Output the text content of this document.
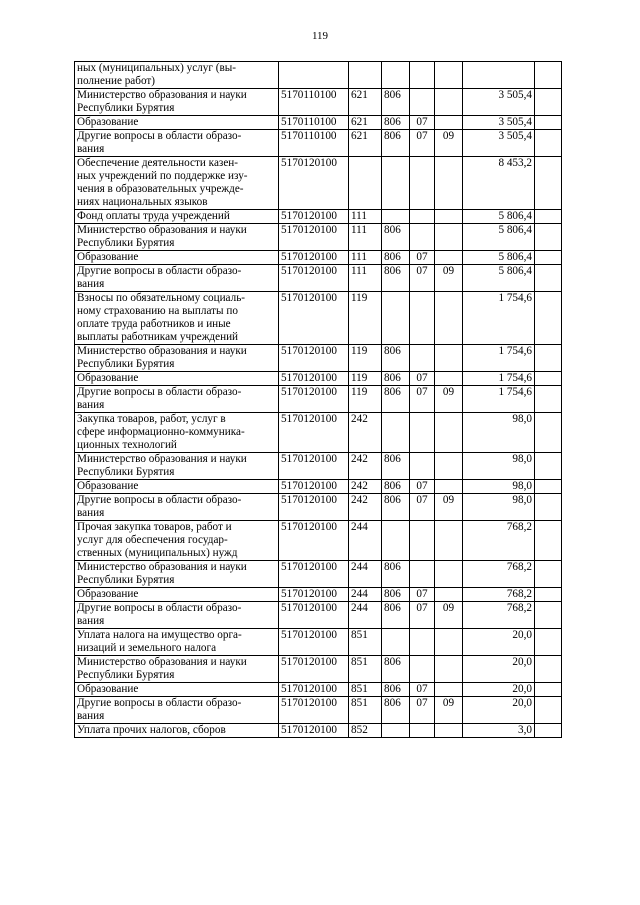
119
ных (муниципальных) услуг (вы-
полнение работ)							
Министерство образования и науки
Республики Бурятия	5170110100	621	806			3 505,4	
Образование	5170110100	621	806	07		3 505,4	
Другие вопросы в области образо-
вания	5170110100	621	806	07	09	3 505,4	
Обеспечение деятельности казен-
ных учреждений по поддержке изу-
чения в образовательных учрежде-
ниях национальных языков	5170120100					8 453,2	
Фонд оплаты труда учреждений	5170120100	111				5 806,4	
Министерство образования и науки
Республики Бурятия	5170120100	111	806			5 806,4	
Образование	5170120100	111	806	07		5 806,4	
Другие вопросы в области образо-
вания	5170120100	111	806	07	09	5 806,4	
Взносы по обязательному социаль-
ному страхованию на выплаты по
оплате труда работников и иные
выплаты работникам учреждений	5170120100	119				1 754,6	
Министерство образования и науки
Республики Бурятия	5170120100	119	806			1 754,6	
Образование	5170120100	119	806	07		1 754,6	
Другие вопросы в области образо-
вания	5170120100	119	806	07	09	1 754,6	
Закупка товаров, работ, услуг в
сфере информационно-коммуника-
ционных технологий	5170120100	242				98,0	
Министерство образования и науки
Республики Бурятия	5170120100	242	806			98,0	
Образование	5170120100	242	806	07		98,0	
Другие вопросы в области образо-
вания	5170120100	242	806	07	09	98,0	
Прочая закупка товаров, работ и
услуг для обеспечения государ-
ственных (муниципальных) нужд	5170120100	244				768,2	
Министерство образования и науки
Республики Бурятия	5170120100	244	806			768,2	
Образование	5170120100	244	806	07		768,2	
Другие вопросы в области образо-
вания	5170120100	244	806	07	09	768,2	
Уплата налога на имущество орга-
низаций и земельного налога	5170120100	851				20,0	
Министерство образования и науки
Республики Бурятия	5170120100	851	806			20,0	
Образование	5170120100	851	806	07		20,0	
Другие вопросы в области образо-
вания	5170120100	851	806	07	09	20,0	
Уплата прочих налогов, сборов	5170120100	852				3,0	
